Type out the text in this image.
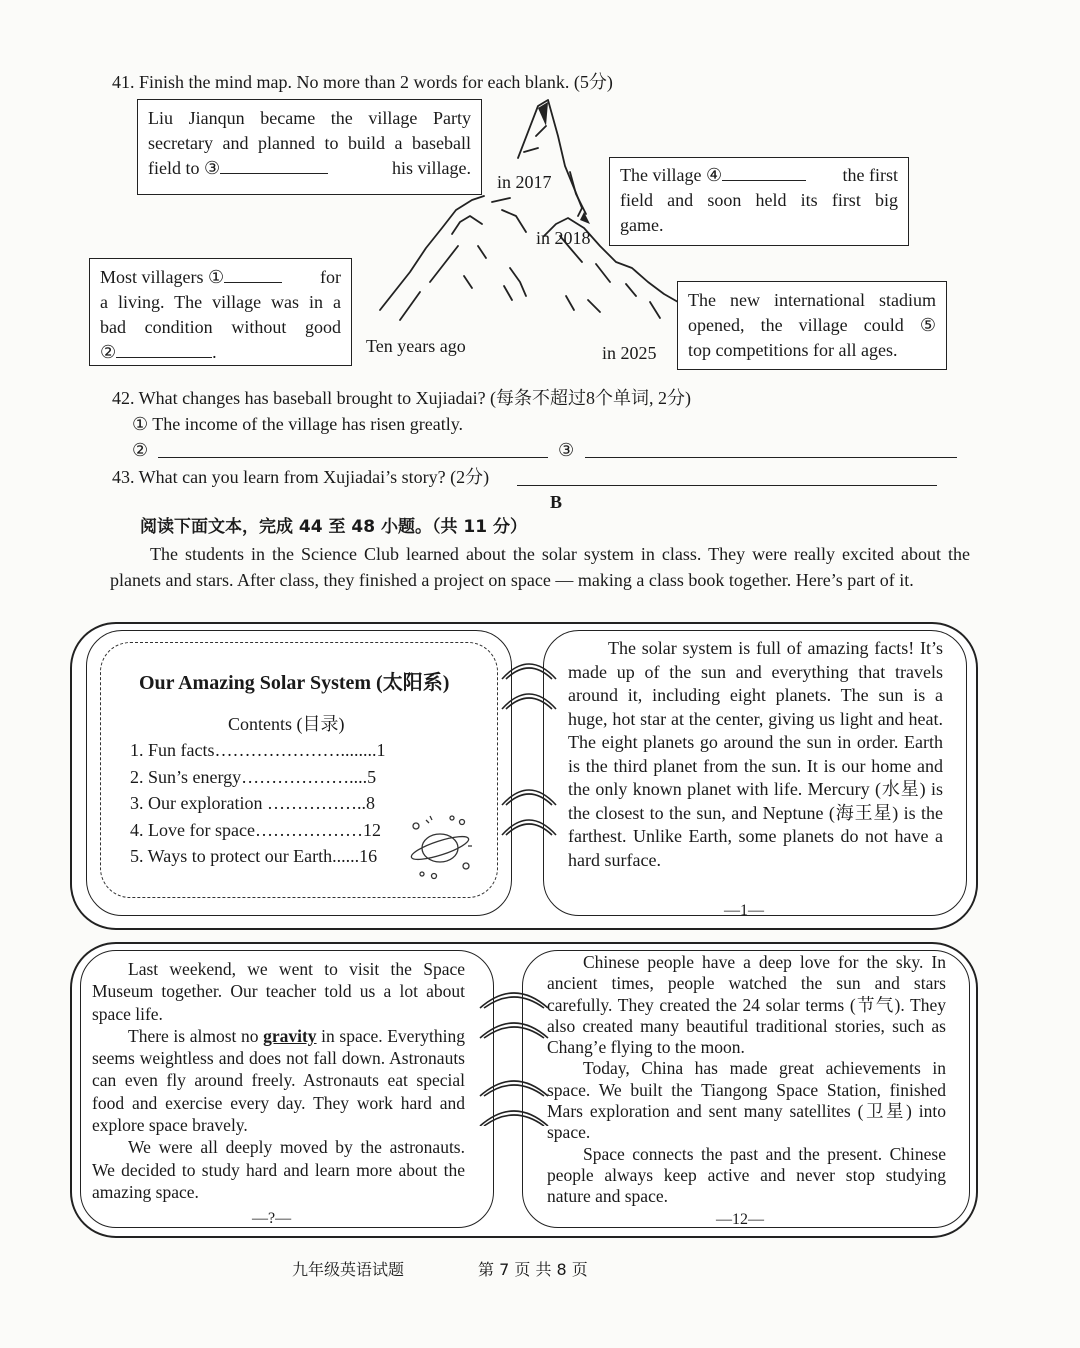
41. Finish the mind map. No more than 2 words for each blank. (5分)
Liu Jianqun became the village Party
secretary and planned to build a baseball
field to ③	his village.
in 2017
in 2018
The village ④	the first
field and soon held its first big
game.
Most villagers ①	for
a living. The village was in a
bad condition without good
②	.	Ten years ago	in 2025
The new international stadium
opened, the village could ⑤
top competitions for all ages.
42. What changes has baseball brought to Xujiadai? (每条不超过8个单词, 2分)
① The income of the village has risen greatly.
②	③
43. What can you learn from Xujiadai’s story? (2分)
B
阅读下面文本，完成 44 至 48 小题。（共 11 分）
The students in the Science Club learned about the solar system in class. They were really excited about the planets and stars. After class, they finished a project on space — making a class book together. Here’s part of it.
Our Amazing Solar System (太阳系)
Contents (目录)
1. Fun facts…………………........1
2. Sun’s energy………………....5
3. Our exploration ……………..8
4. Love for space………………12
5. Ways to protect our Earth......16
The solar system is full of amazing facts! It’s made up of the sun and everything that travels around it, including eight planets. The sun is a huge, hot star at the center, giving us light and heat. The eight planets go around the sun in order. Earth is the third planet from the sun. It is our home and the only known planet with life. Mercury (水星) is the closest to the sun, and Neptune (海王星) is the farthest. Unlike Earth, some planets do not have a hard surface.
—1—

Last weekend, we went to visit the Space Museum together. Our teacher told us a lot about space life.

There is almost no gravity in space. Everything seems weightless and does not fall down. Astronauts can even fly around freely. Astronauts eat special food and exercise every day. They work hard and explore space bravely.

We were all deeply moved by the astronauts. We decided to study hard and learn more about the amazing space.

—?—

Chinese people have a deep love for the sky. In ancient times, people watched the sun and stars carefully. They created the 24 solar terms (节气). They also created many beautiful traditional stories, such as Chang’e flying to the moon.

Today, China has made great achievements in space. We built the Tiangong Space Station, finished Mars exploration and sent many satellites (卫星) into space.

Space connects the past and the present. Chinese people always keep active and never stop studying nature and space.

—12—
九年级英语试题	第 7 页 共 8 页
